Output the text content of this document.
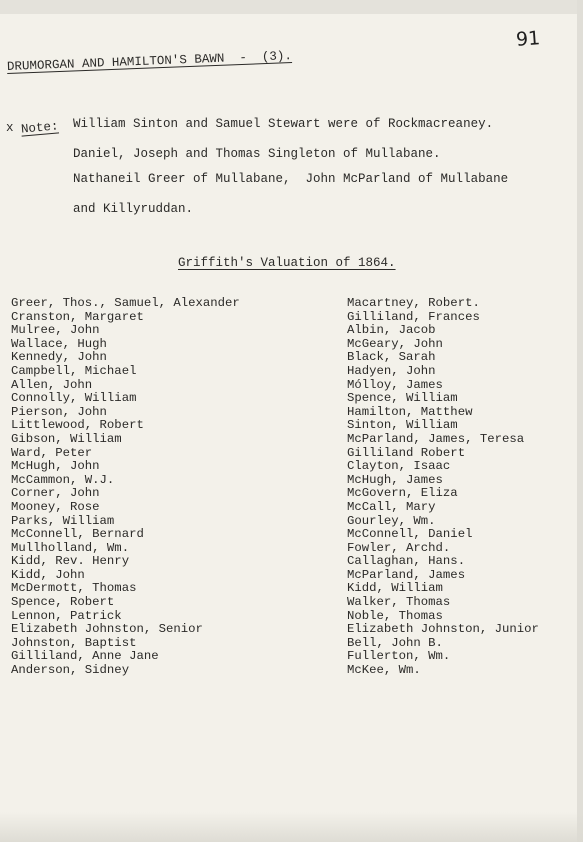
91
DRUMORGAN AND HAMILTON'S BAWN  -  (3).
x Note: William Sinton and Samuel Stewart were of Rockmacreaney.
Daniel, Joseph and Thomas Singleton of Mullabane.
Nathaneil Greer of Mullabane,  John McParland of Mullabane
and Killyruddan.
Griffith's Valuation of 1864.
Greer, Thos., Samuel, Alexander
Cranston, Margaret
Mulree, John
Wallace, Hugh
Kennedy, John
Campbell, Michael
Allen, John
Connolly, William
Pierson, John
Littlewood, Robert
Gibson, William
Ward, Peter
McHugh, John
McCammon, W.J.
Corner, John
Mooney, Rose
Parks, William
McConnell, Bernard
Mullholland, Wm.
Kidd, Rev. Henry
Kidd, John
McDermott, Thomas
Spence, Robert
Lennon, Patrick
Elizabeth Johnston, Senior
Johnston, Baptist
Gilliland, Anne Jane
Anderson, Sidney
Macartney, Robert.
Gilliland, Frances
Albin, Jacob
McGeary, John
Black, Sarah
Hadyen, John
Mólloy, James
Spence, William
Hamilton, Matthew
Sinton, William
McParland, James, Teresa
Gilliland Robert
Clayton, Isaac
McHugh, James
McGovern, Eliza
McCall, Mary
Gourley, Wm.
McConnell, Daniel
Fowler, Archd.
Callaghan, Hans.
McParland, James
Kidd, William
Walker, Thomas
Noble, Thomas
Elizabeth Johnston, Junior
Bell, John B.
Fullerton, Wm.
McKee, Wm.
